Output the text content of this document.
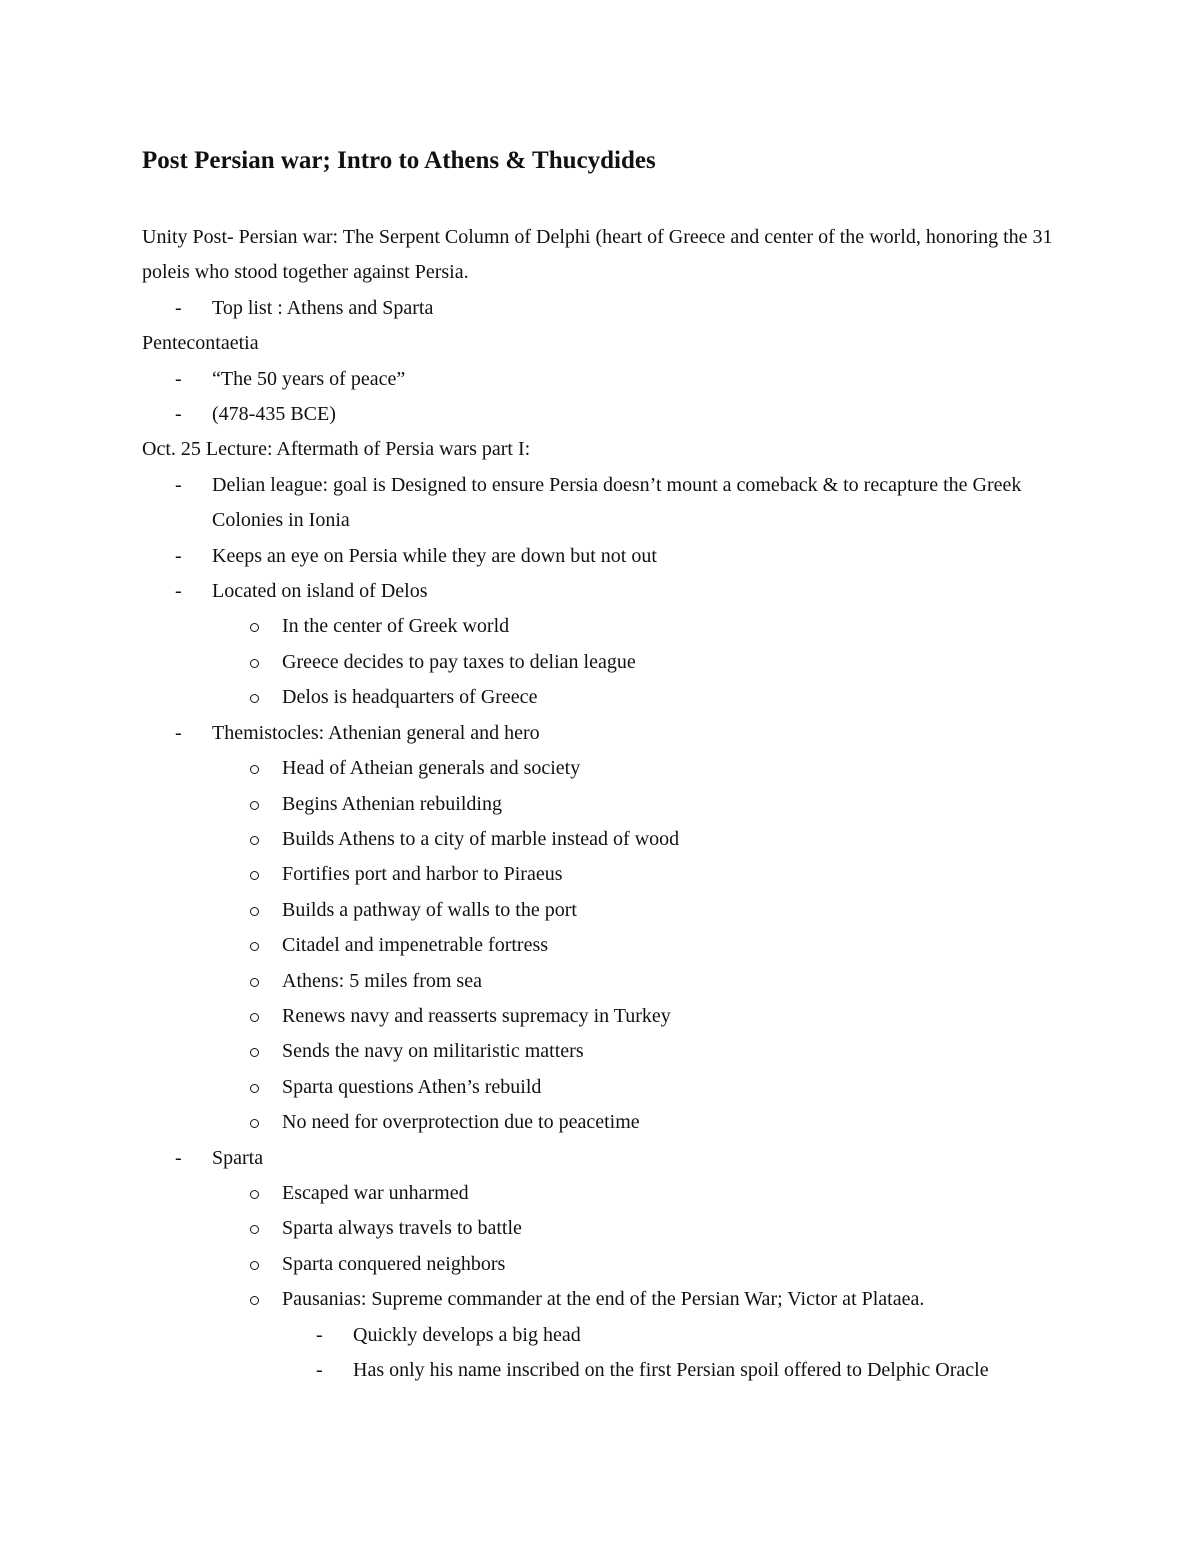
Post Persian war; Intro to Athens & Thucydides
Unity Post- Persian war: The Serpent Column of Delphi (heart of Greece and center of the world, honoring the 31 poleis who stood together against Persia.
-
Top list : Athens and Sparta
Pentecontaetia
-
“The 50 years of peace”
-
(478-435 BCE)
Oct. 25 Lecture: Aftermath of Persia wars part I:
-
Delian league: goal is Designed to ensure Persia doesn’t mount a comeback & to recapture the Greek Colonies in Ionia
-
Keeps an eye on Persia while they are down but not out
-
Located on island of Delos
In the center of Greek world
Greece decides to pay taxes to delian league
Delos is headquarters of Greece
-
Themistocles: Athenian general and hero
Head of Atheian generals and society
Begins Athenian rebuilding
Builds Athens to a city of marble instead of wood
Fortifies port and harbor to Piraeus
Builds a pathway of walls to the port
Citadel and impenetrable fortress
Athens: 5 miles from sea
Renews navy and reasserts supremacy in Turkey
Sends the navy on militaristic matters
Sparta questions Athen’s rebuild
No need for overprotection due to peacetime
-
Sparta
Escaped war unharmed
Sparta always travels to battle
Sparta conquered neighbors
Pausanias: Supreme commander at the end of the Persian War; Victor at Plataea.
-
Quickly develops a big head
-
Has only his name inscribed on the first Persian spoil offered to Delphic Oracle
